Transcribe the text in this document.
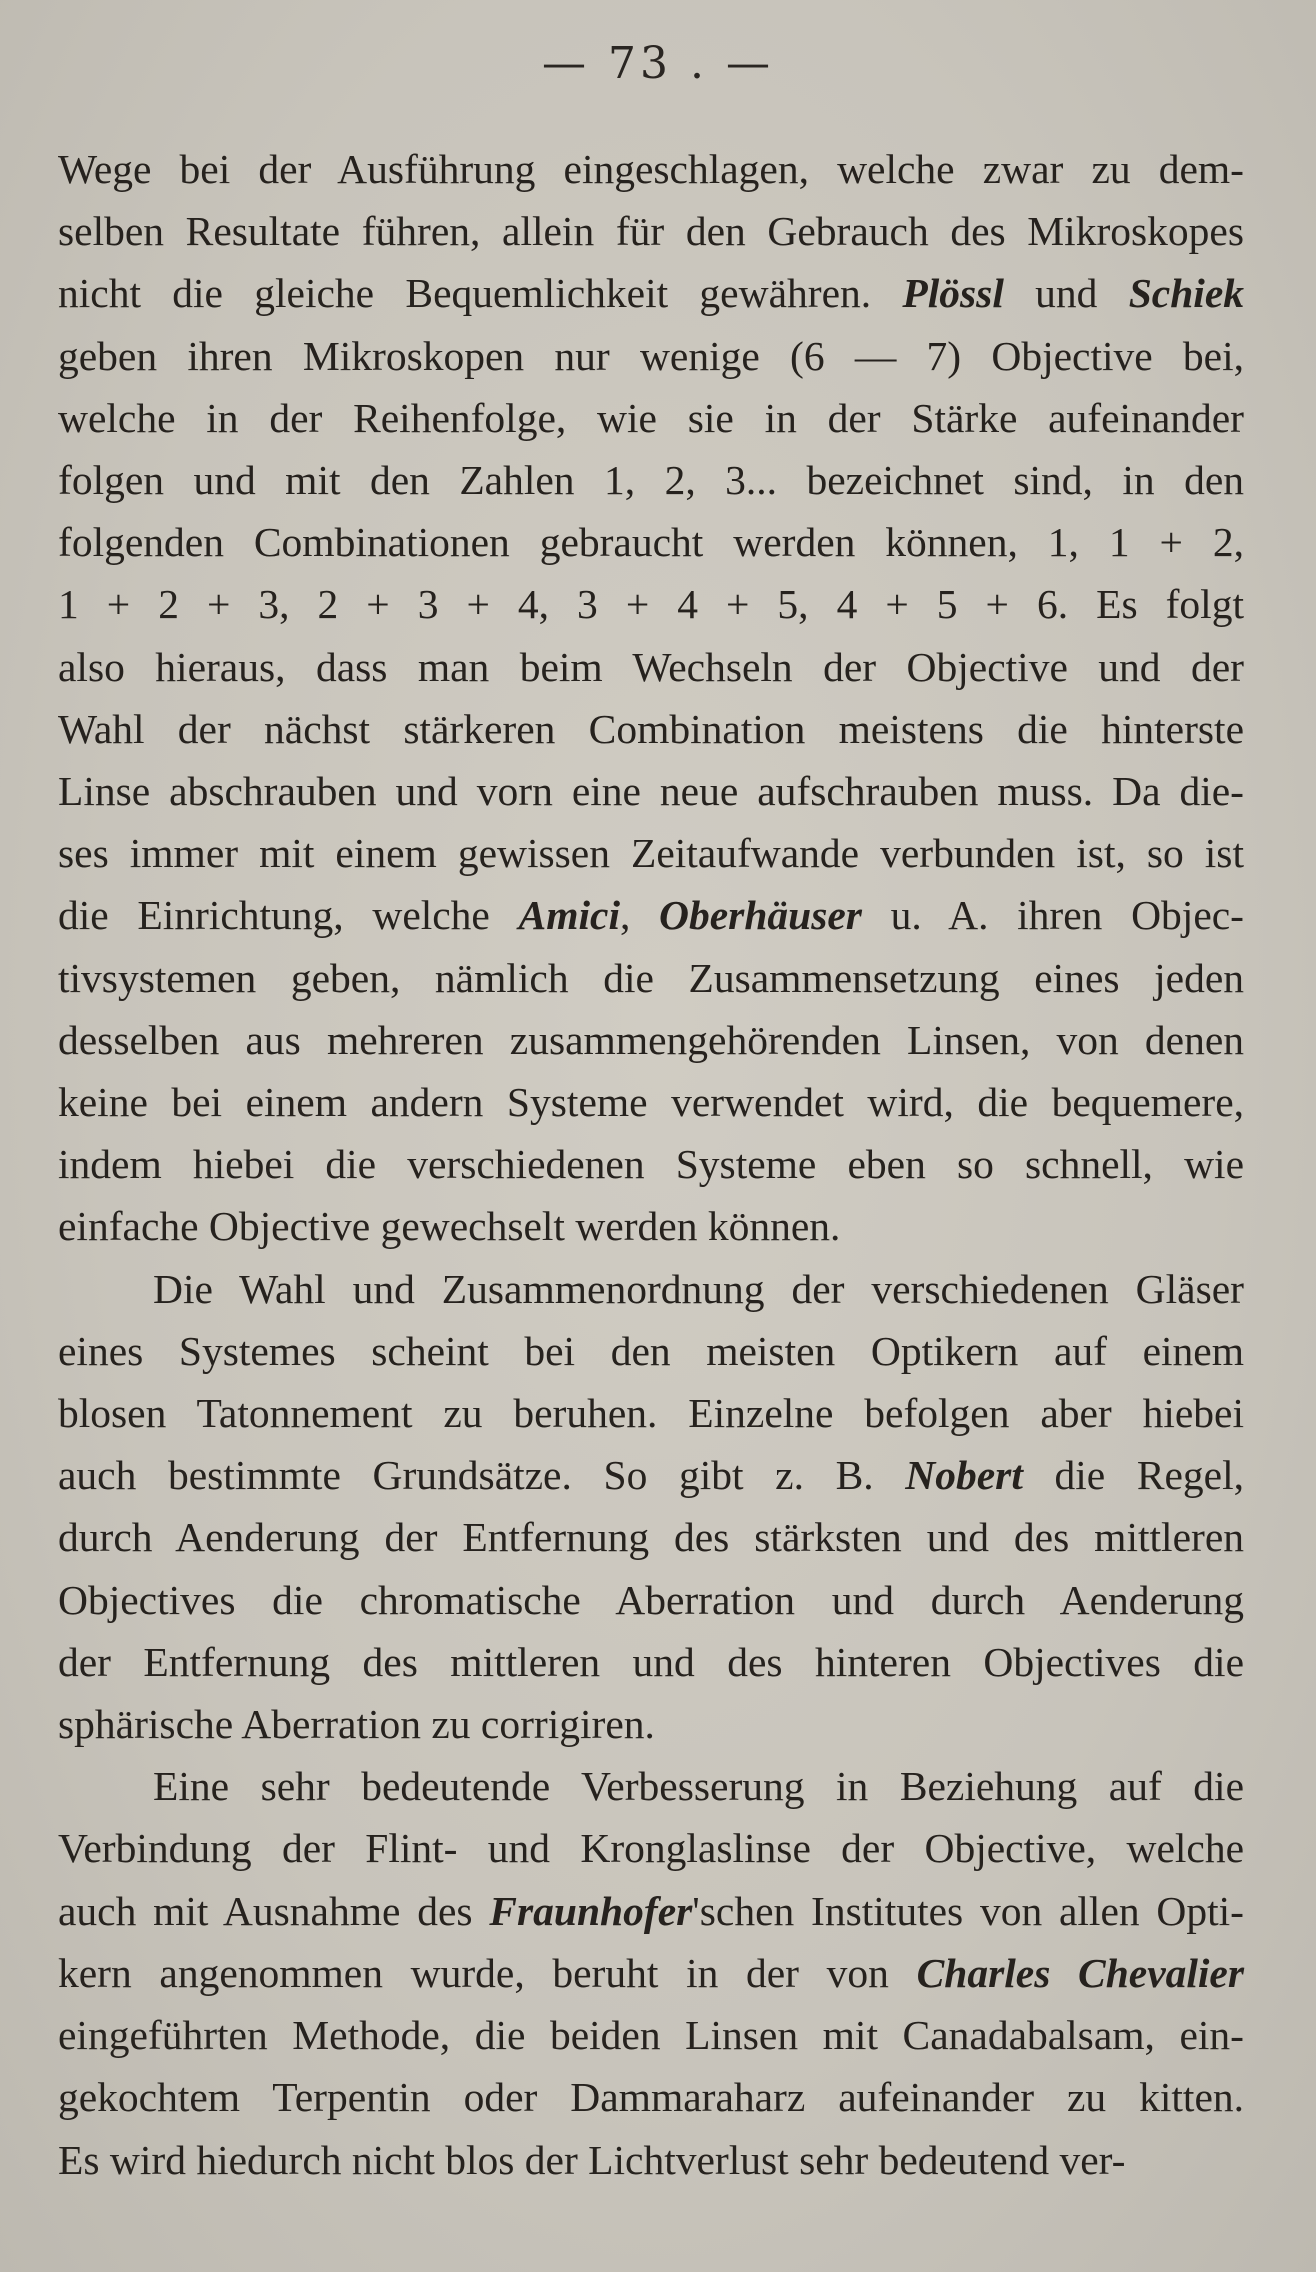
— 73 . —
Wege bei der Ausführung eingeschlagen, welche zwar zu dem-
selben Resultate führen, allein für den Gebrauch des Mikroskopes
nicht die gleiche Bequemlichkeit gewähren. Plössl und Schiek
geben ihren Mikroskopen nur wenige (6 — 7) Objective bei,
welche in der Reihenfolge, wie sie in der Stärke aufeinander
folgen und mit den Zahlen 1, 2, 3... bezeichnet sind, in den
folgenden Combinationen gebraucht werden können, 1, 1 + 2,
1 + 2 + 3, 2 + 3 + 4, 3 + 4 + 5, 4 + 5 + 6. Es folgt
also hieraus, dass man beim Wechseln der Objective und der
Wahl der nächst stärkeren Combination meistens die hinterste
Linse abschrauben und vorn eine neue aufschrauben muss. Da die-
ses immer mit einem gewissen Zeitaufwande verbunden ist, so ist
die Einrichtung, welche Amici, Oberhäuser u. A. ihren Objec-
tivsystemen geben, nämlich die Zusammensetzung eines jeden
desselben aus mehreren zusammengehörenden Linsen, von denen
keine bei einem andern Systeme verwendet wird, die bequemere,
indem hiebei die verschiedenen Systeme eben so schnell, wie
einfache Objective gewechselt werden können.
Die Wahl und Zusammenordnung der verschiedenen Gläser
eines Systemes scheint bei den meisten Optikern auf einem
blosen Tatonnement zu beruhen. Einzelne befolgen aber hiebei
auch bestimmte Grundsätze. So gibt z. B. Nobert die Regel,
durch Aenderung der Entfernung des stärksten und des mittleren
Objectives die chromatische Aberration und durch Aenderung
der Entfernung des mittleren und des hinteren Objectives die
sphärische Aberration zu corrigiren.
Eine sehr bedeutende Verbesserung in Beziehung auf die
Verbindung der Flint- und Kronglaslinse der Objective, welche
auch mit Ausnahme des Fraunhofer'schen Institutes von allen Opti-
kern angenommen wurde, beruht in der von Charles Chevalier
eingeführten Methode, die beiden Linsen mit Canadabalsam, ein-
gekochtem Terpentin oder Dammaraharz aufeinander zu kitten.
Es wird hiedurch nicht blos der Lichtverlust sehr bedeutend ver-
